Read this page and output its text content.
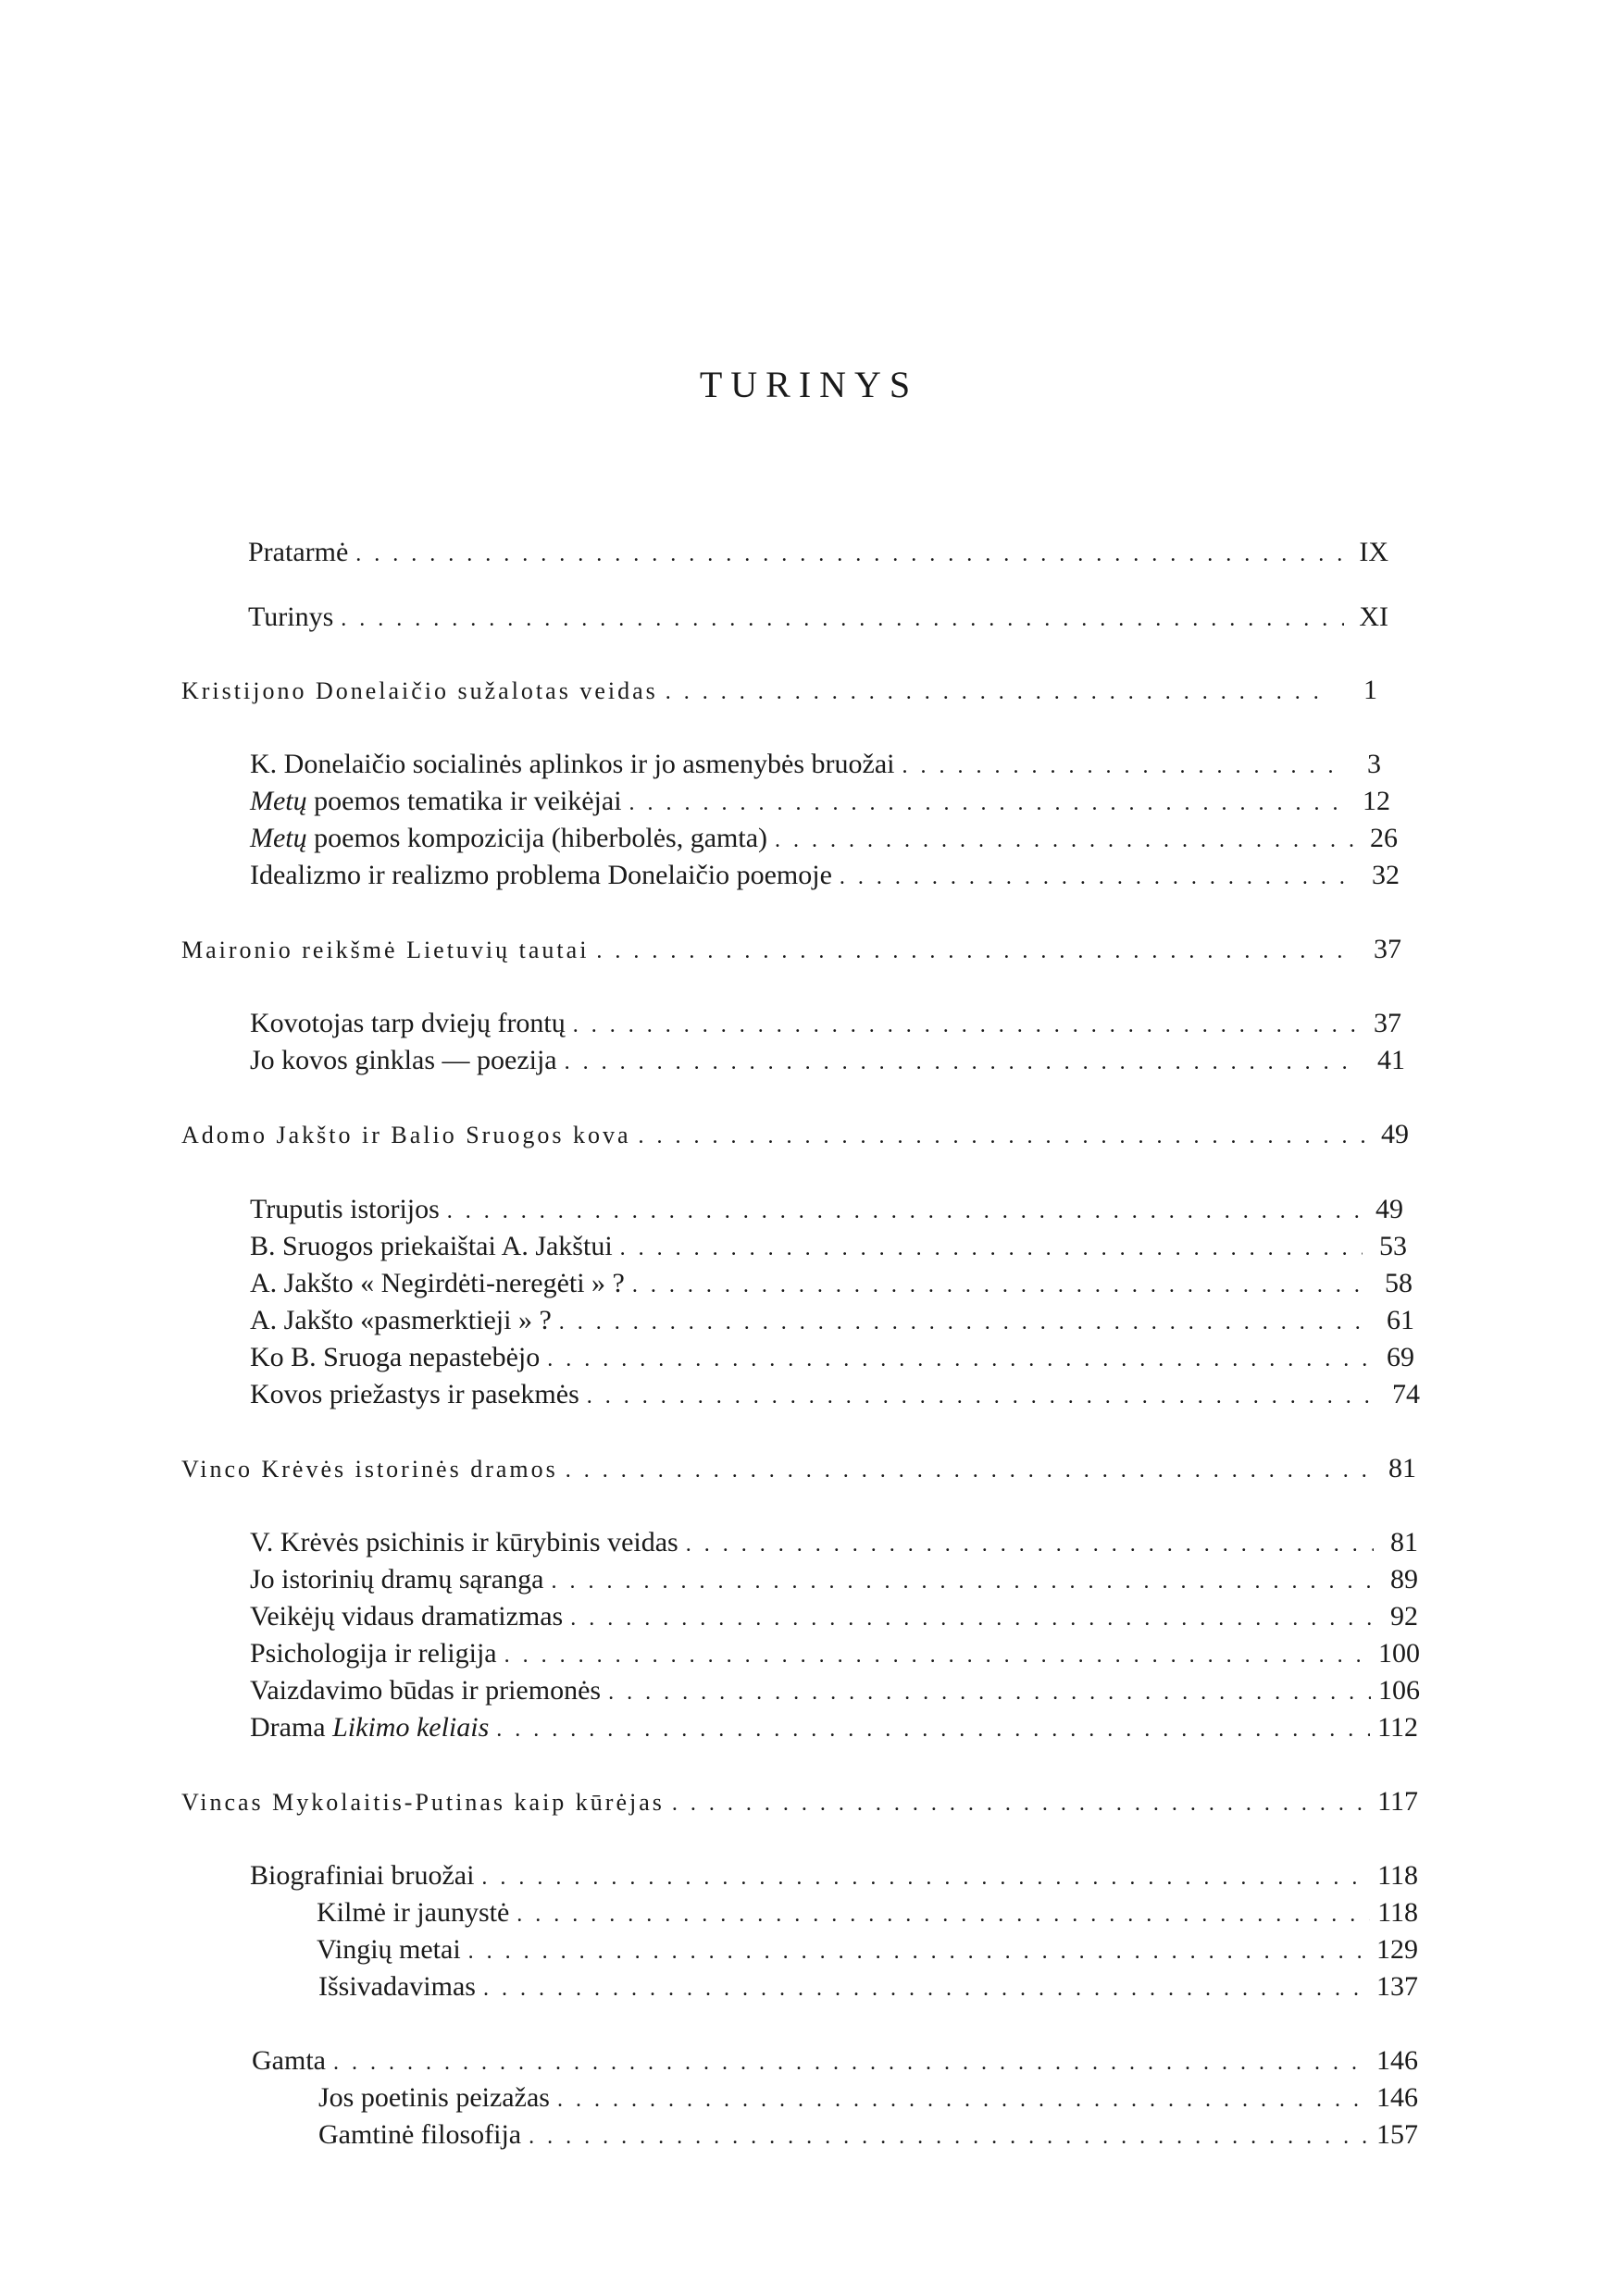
TURINYS
Pratarmė . . .	IX
Turinys . . .	XI
Kristijono Donelaičio sužalotas veidas . . .	1
K. Donelaičio socialinės aplinkos ir jo asmenybės bruožai . . .	3
Metų poemos tematika ir veikėjai . . .	12
Metų poemos kompozicija (hiberbolės, gamta) . . .	26
Idealizmo ir realizmo problema Donelaičio poemoje . . .	32
Maironio reikšmė Lietuvių tautai . . .	37
Kovotojas tarp dviejų frontų . . .	37
Jo kovos ginklas — poezija . . .	41
Adomo Jakšto ir Balio Sruogos kova . . .	49
Truputis istorijos . . .	49
B. Sruogos priekaištai A. Jakštui . . .	53
A. Jakšto « Negirdėti-neregėti » ? . . .	58
A. Jakšto «pasmerktieji » ? . . .	61
Ko B. Sruoga nepastebėjo . . .	69
Kovos priežastys ir pasekmės . . .	74
Vinco Krėvės istorinės dramos . . .	81
V. Krėvės psichinis ir kūrybinis veidas . . .	81
Jo istorinių dramų sąranga . . .	89
Veikėjų vidaus dramatizmas . . .	92
Psichologija ir religija . . .	100
Vaizdavimo būdas ir priemonės . . .	106
Drama Likimo keliais . . .	112
Vincas Mykolaitis-Putinas kaip kūrėjas . . .	117
Biografiniai bruožai . . .	118
Kilmė ir jaunystė . . .	118
Vingių metai . . .	129
Išsivadavimas . . .	137
Gamta . . .	146
Jos poetinis peizažas . . .	146
Gamtinė filosofija . . .	157
